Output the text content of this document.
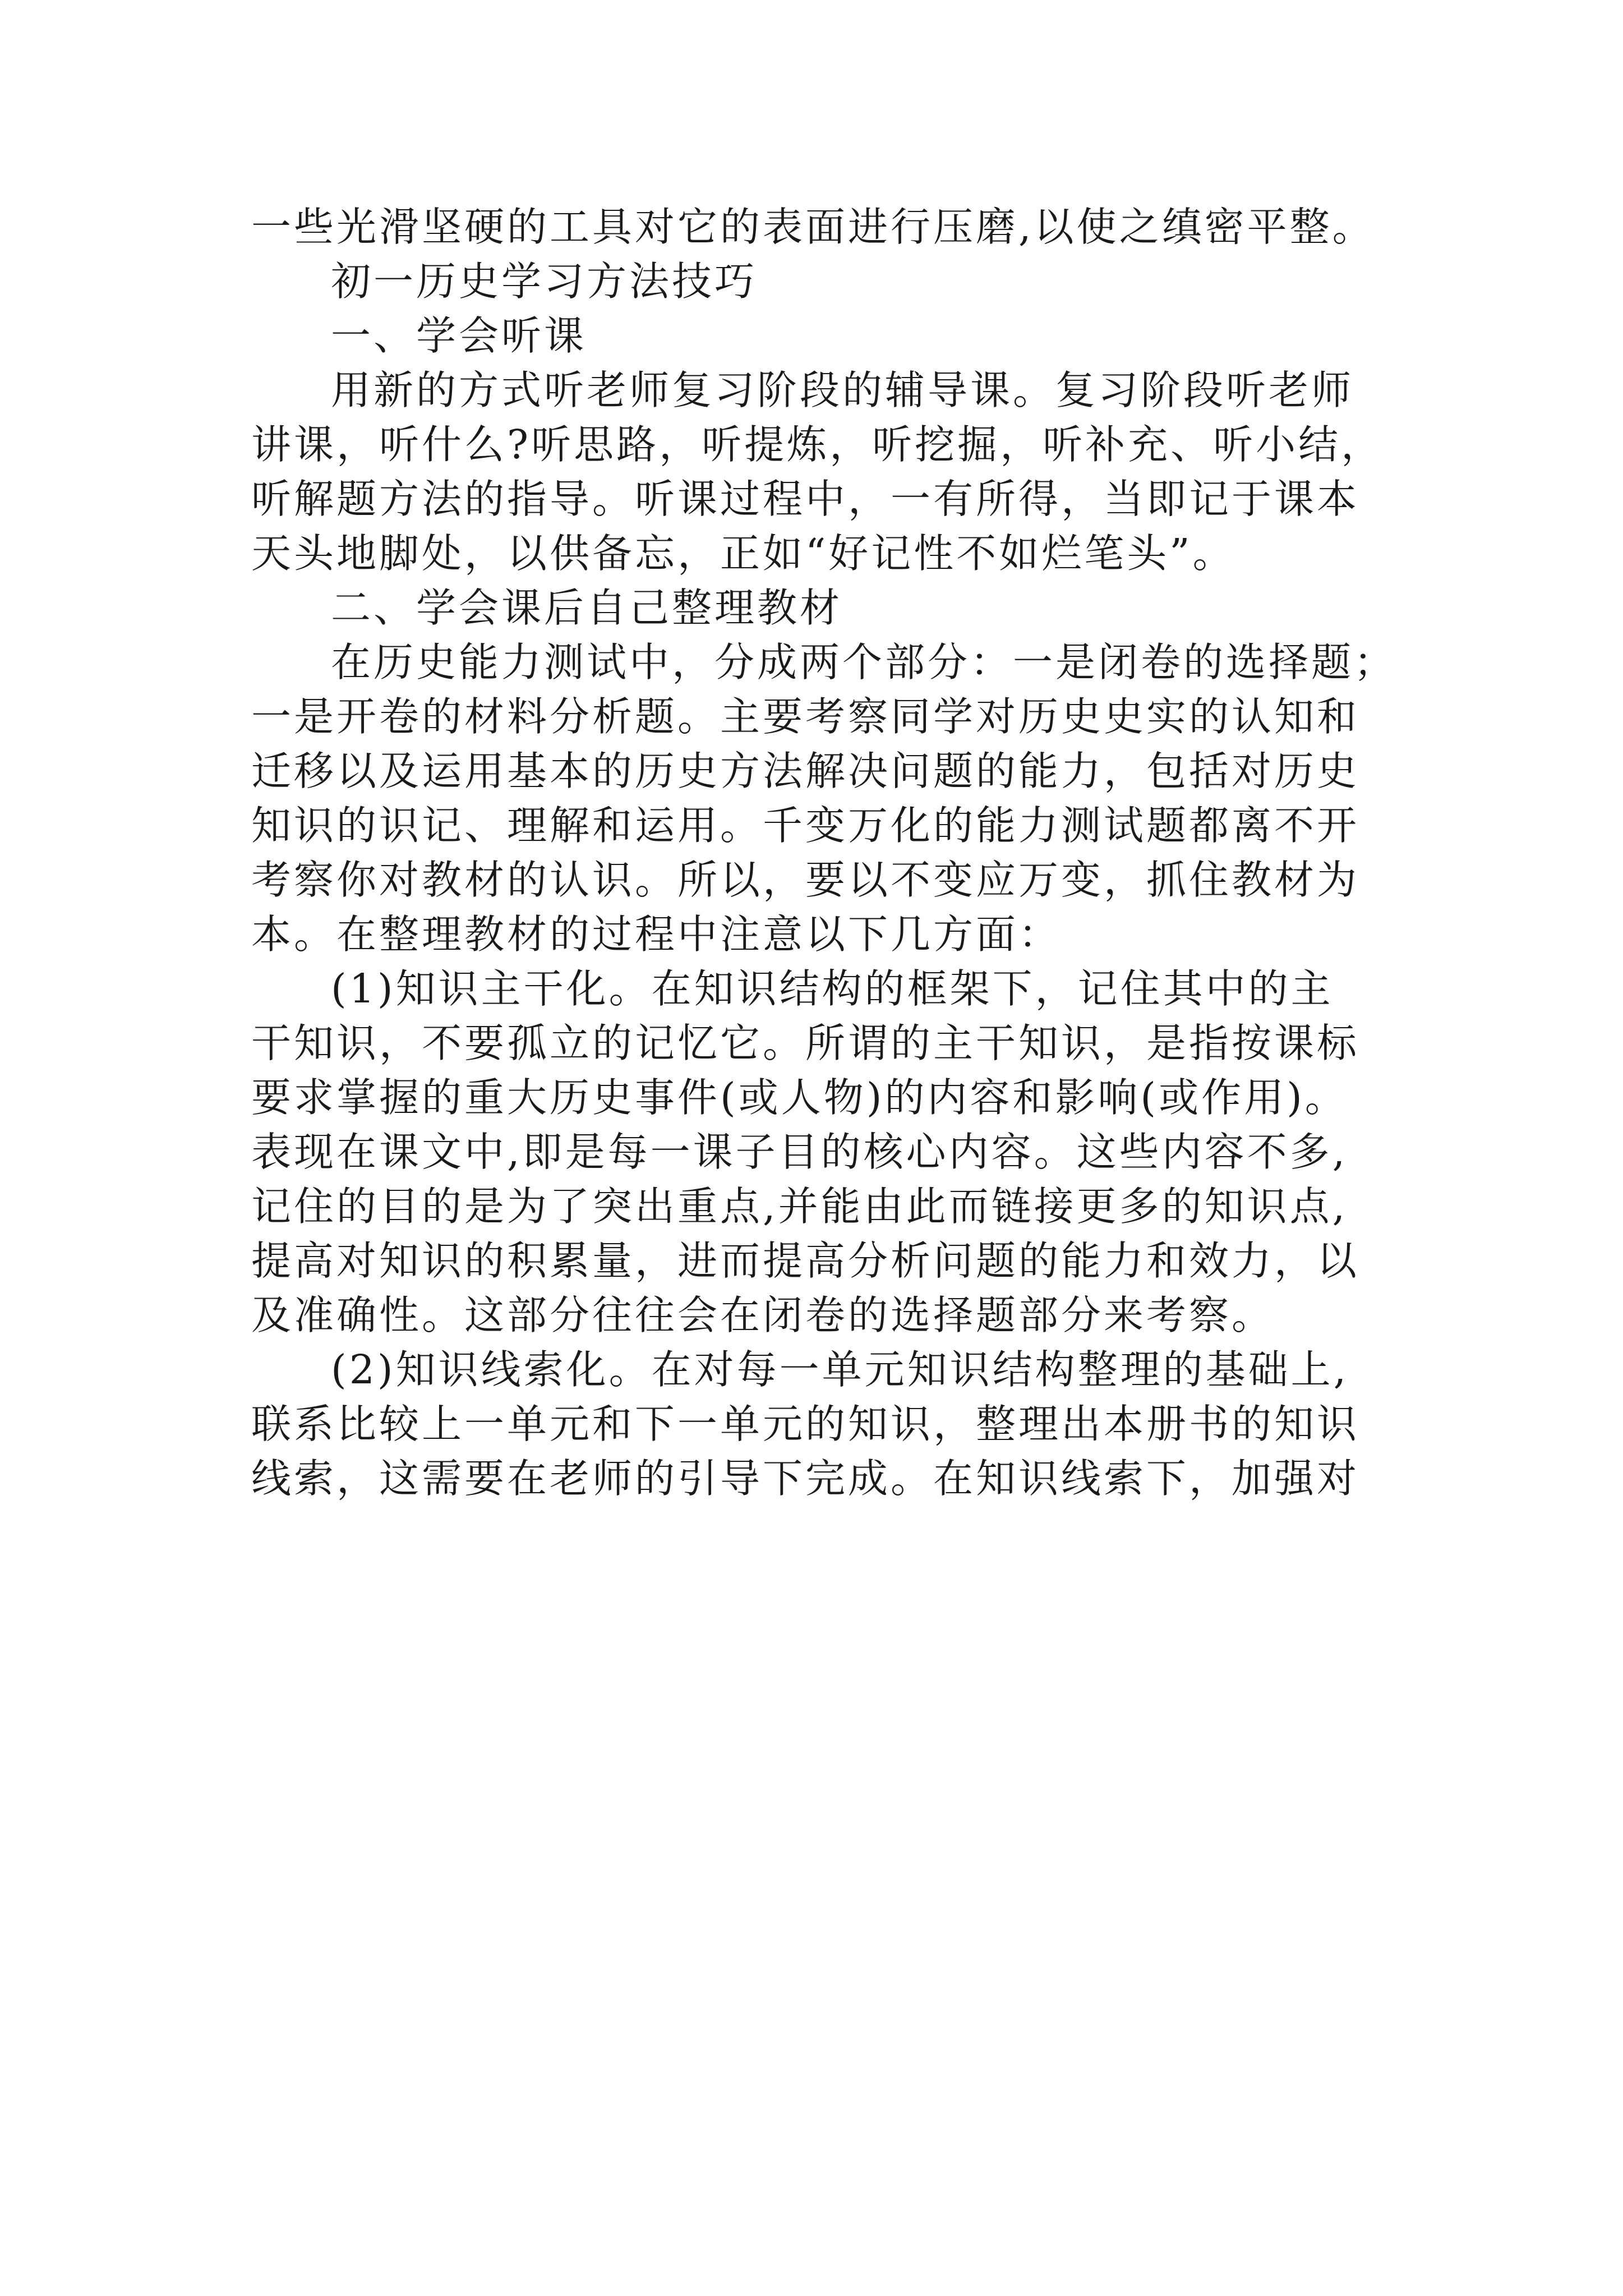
一些光滑坚硬的工具对它的表面进行压磨,以使之缜密平整。
初一历史学习方法技巧
一、学会听课
用新的方式听老师复习阶段的辅导课。复习阶段听老师
讲课，听什么?听思路，听提炼，听挖掘，听补充、听小结，
听解题方法的指导。听课过程中，一有所得，当即记于课本
天头地脚处，以供备忘，正如“好记性不如烂笔头”。
二、学会课后自己整理教材
在历史能力测试中，分成两个部分：一是闭卷的选择题；
一是开卷的材料分析题。主要考察同学对历史史实的认知和
迁移以及运用基本的历史方法解决问题的能力，包括对历史
知识的识记、理解和运用。千变万化的能力测试题都离不开
考察你对教材的认识。所以，要以不变应万变，抓住教材为
本。在整理教材的过程中注意以下几方面：
(1)知识主干化。在知识结构的框架下，记住其中的主
干知识，不要孤立的记忆它。所谓的主干知识，是指按课标
要求掌握的重大历史事件(或人物)的内容和影响(或作用)。
表现在课文中,即是每一课子目的核心内容。这些内容不多,
记住的目的是为了突出重点,并能由此而链接更多的知识点,
提高对知识的积累量，进而提高分析问题的能力和效力，以
及准确性。这部分往往会在闭卷的选择题部分来考察。
(2)知识线索化。在对每一单元知识结构整理的基础上,
联系比较上一单元和下一单元的知识，整理出本册书的知识
线索，这需要在老师的引导下完成。在知识线索下，加强对
